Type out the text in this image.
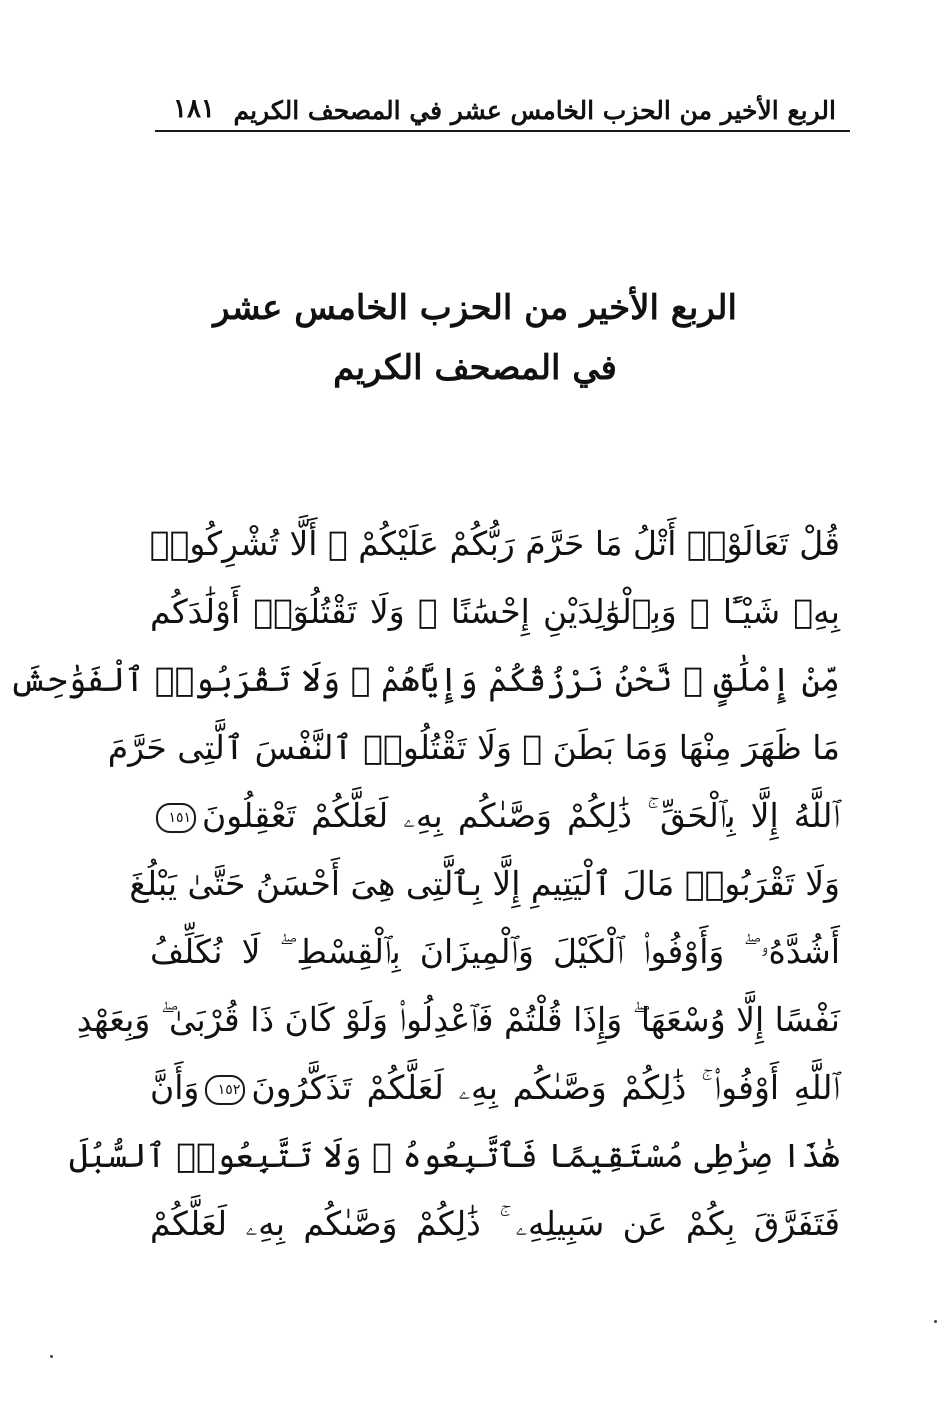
الربع الأخير من الحزب الخامس عشر في المصحف الكريم
١٨١
الربع الأخير من الحزب الخامس عشر
في المصحف الكريم
قُلْ تَعَالَوْا۟ أَتْلُ مَا حَرَّمَ رَبُّكُمْ عَلَيْكُمْ ۖ أَلَّا تُشْرِكُوا۟
بِهِۦ شَيْـًٔا ۖ وَبِٱلْوَٰلِدَيْنِ إِحْسَٰنًا ۖ وَلَا تَقْتُلُوٓا۟ أَوْلَٰدَكُم
مِّنْ إِمْلَٰقٍ ۖ نَّحْنُ نَرْزُقُكُمْ وَإِيَّاهُمْ ۖ وَلَا تَقْرَبُوا۟ ٱلْفَوَٰحِشَ
مَا ظَهَرَ مِنْهَا وَمَا بَطَنَ ۖ وَلَا تَقْتُلُوا۟ ٱلنَّفْسَ ٱلَّتِى حَرَّمَ
ٱللَّهُ إِلَّا بِٱلْحَقِّ ۚ ذَٰلِكُمْ وَصَّىٰكُم بِهِۦ لَعَلَّكُمْ تَعْقِلُونَ١٥١
وَلَا تَقْرَبُوا۟ مَالَ ٱلْيَتِيمِ إِلَّا بِٱلَّتِى هِىَ أَحْسَنُ حَتَّىٰ يَبْلُغَ
أَشُدَّهُۥ ۖ وَأَوْفُوا۟ ٱلْكَيْلَ وَٱلْمِيزَانَ بِٱلْقِسْطِ ۖ لَا نُكَلِّفُ
نَفْسًا إِلَّا وُسْعَهَا ۖ وَإِذَا قُلْتُمْ فَٱعْدِلُوا۟ وَلَوْ كَانَ ذَا قُرْبَىٰ ۖ وَبِعَهْدِ
ٱللَّهِ أَوْفُوا۟ ۚ ذَٰلِكُمْ وَصَّىٰكُم بِهِۦ لَعَلَّكُمْ تَذَكَّرُونَ١٥٢وَأَنَّ
هَٰذَا صِرَٰطِى مُسْتَقِيمًا فَٱتَّبِعُوهُ ۖ وَلَا تَتَّبِعُوا۟ ٱلسُّبُلَ
فَتَفَرَّقَ بِكُمْ عَن سَبِيلِهِۦ ۚ ذَٰلِكُمْ وَصَّىٰكُم بِهِۦ لَعَلَّكُمْ
